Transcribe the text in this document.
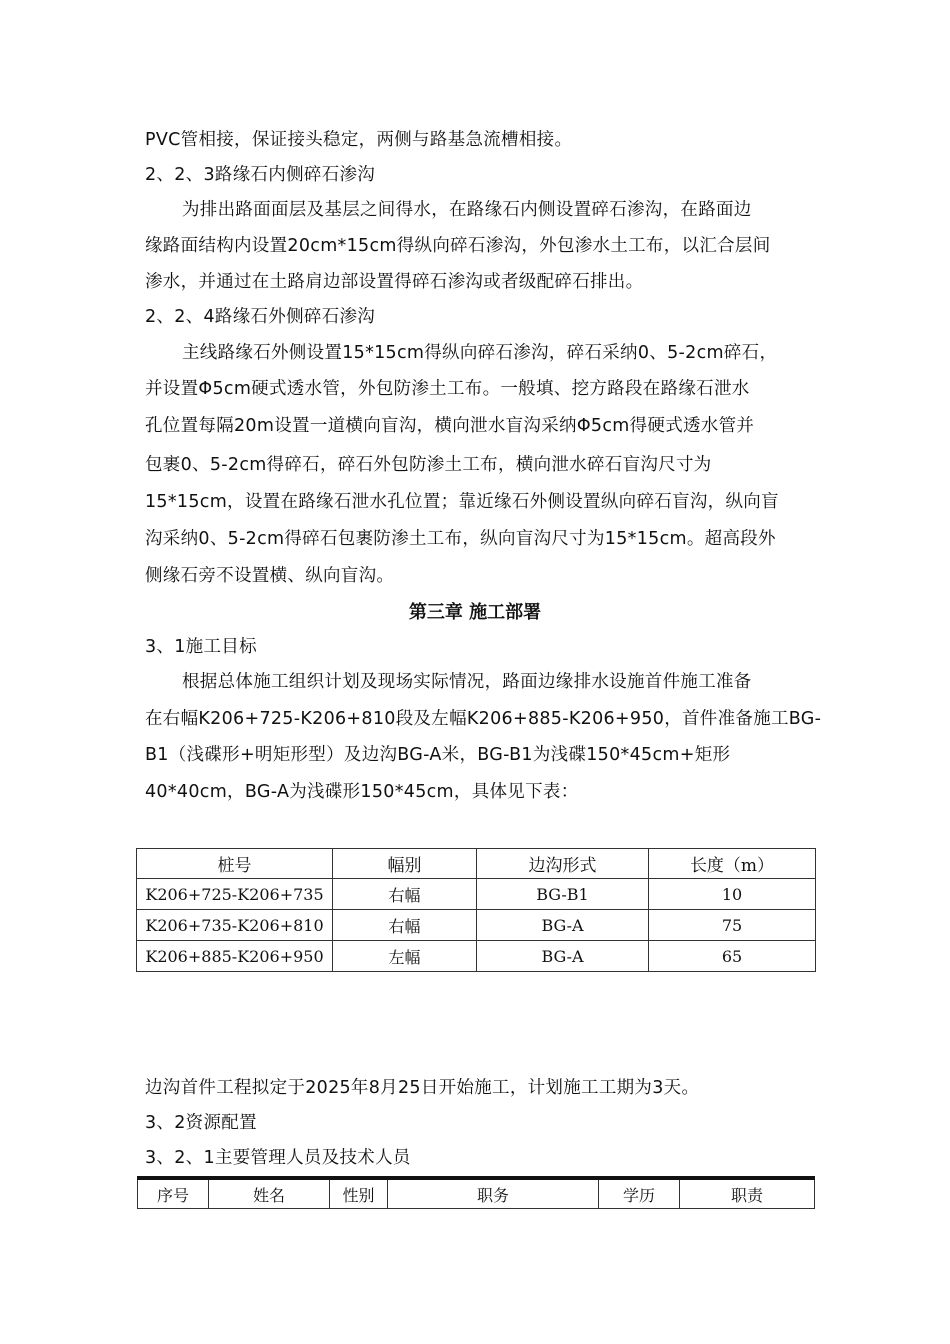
PVC管相接，保证接头稳定，两侧与路基急流槽相接。
2、2、3路缘石内侧碎石渗沟
为排出路面面层及基层之间得水，在路缘石内侧设置碎石渗沟，在路面边
缘路面结构内设置20cm*15cm得纵向碎石渗沟，外包渗水土工布，以汇合层间
渗水，并通过在土路肩边部设置得碎石渗沟或者级配碎石排出。
2、2、4路缘石外侧碎石渗沟
主线路缘石外侧设置15*15cm得纵向碎石渗沟，碎石采纳0、5-2cm碎石，
并设置Φ5cm硬式透水管，外包防渗土工布。一般填、挖方路段在路缘石泄水
孔位置每隔20m设置一道横向盲沟，横向泄水盲沟采纳Φ5cm得硬式透水管并
包裹0、5-2cm得碎石，碎石外包防渗土工布，横向泄水碎石盲沟尺寸为
15*15cm，设置在路缘石泄水孔位置；靠近缘石外侧设置纵向碎石盲沟，纵向盲
沟采纳0、5-2cm得碎石包裹防渗土工布，纵向盲沟尺寸为15*15cm。超高段外
侧缘石旁不设置横、纵向盲沟。
第三章 施工部署
3、1施工目标
根据总体施工组织计划及现场实际情况，路面边缘排水设施首件施工准备
在右幅K206+725-K206+810段及左幅K206+885-K206+950，首件准备施工BG-
B1（浅碟形+明矩形型）及边沟BG-A米，BG-B1为浅碟150*45cm+矩形
40*40cm，BG-A为浅碟形150*45cm，具体见下表：
桩号	幅别	边沟形式	长度（m）
K206+725-K206+735	右幅	BG-B1	10
K206+735-K206+810	右幅	BG-A	75
K206+885-K206+950	左幅	BG-A	65
边沟首件工程拟定于2025年8月25日开始施工，计划施工工期为3天。
3、2资源配置
3、2、1主要管理人员及技术人员
序号	姓名	性别	职务	学历	职责
